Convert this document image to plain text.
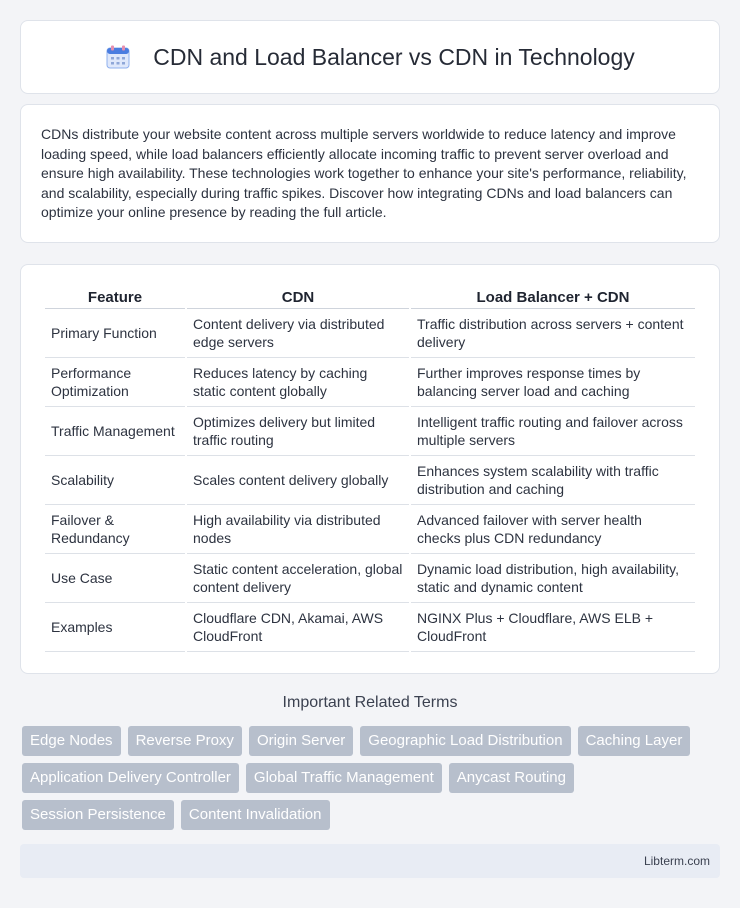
CDN and Load Balancer vs CDN in Technology

CDNs distribute your website content across multiple servers worldwide to reduce latency and improve loading speed, while load balancers efficiently allocate incoming traffic to prevent server overload and ensure high availability. These technologies work together to enhance your site's performance, reliability, and scalability, especially during traffic spikes. Discover how integrating CDNs and load balancers can optimize your online presence by reading the full article.

Feature	CDN	Load Balancer + CDN
Primary Function	Content delivery via distributed edge servers	Traffic distribution across servers + content delivery
Performance Optimization	Reduces latency by caching static content globally	Further improves response times by balancing server load and caching
Traffic Management	Optimizes delivery but limited traffic routing	Intelligent traffic routing and failover across multiple servers
Scalability	Scales content delivery globally	Enhances system scalability with traffic distribution and caching
Failover & Redundancy	High availability via distributed nodes	Advanced failover with server health checks plus CDN redundancy
Use Case	Static content acceleration, global content delivery	Dynamic load distribution, high availability, static and dynamic content
Examples	Cloudflare CDN, Akamai, AWS CloudFront	NGINX Plus + Cloudflare, AWS ELB + CloudFront
Important Related Terms
Edge Nodes	Reverse Proxy	Origin Server	Geographic Load Distribution	Caching Layer
Application Delivery Controller	Global Traffic Management	Anycast Routing
Session Persistence	Content Invalidation
Libterm.com
